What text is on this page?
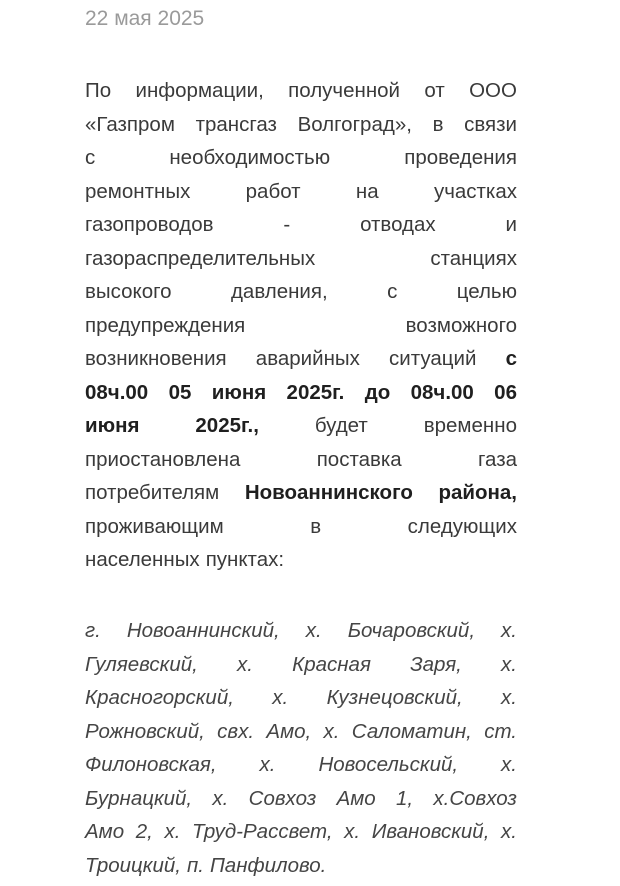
22 мая 2025
По информации, полученной от ООО
«Газпром трансгаз Волгоград», в связи
с	необходимостью	проведения
ремонтных	работ	на	участках
газопроводов	-	отводах	и
газораспределительных	станциях
высокого	давления,	с	целью
предупреждения	возможного
возникновения аварийных ситуаций с
08ч.00 05 июня 2025г. до 08ч.00 06
июня	2025г.,	будет	временно
приостановлена	поставка	газа
потребителям Новоаннинского района,
проживающим	в	следующих
населенных пунктах:
г. Новоаннинский, х. Бочаровский, х.
Гуляевский, х. Красная Заря, х.
Красногорский, х. Кузнецовский, х.
Рожновский, свх. Амо, х. Саломатин, ст.
Филоновская, х. Новосельский, х.
Бурнацкий, х. Совхоз Амо 1, х.Совхоз
Амо 2, х. Труд-Рассвет, х. Ивановский, х.
Троицкий, п. Панфилово.
